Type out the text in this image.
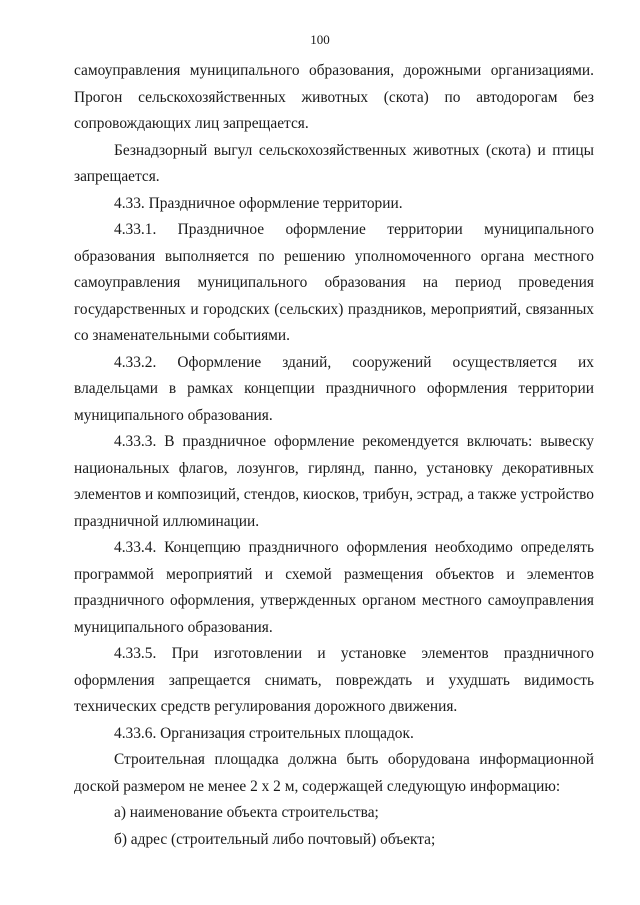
100

самоуправления муниципального образования, дорожными организациями. Прогон сельскохозяйственных животных (скота) по автодорогам без сопровождающих лиц запрещается.

Безнадзорный выгул сельскохозяйственных животных (скота) и птицы запрещается.

4.33. Праздничное оформление территории.

4.33.1. Праздничное оформление территории муниципального образования выполняется по решению уполномоченного органа местного самоуправления муниципального образования на период проведения государственных и городских (сельских) праздников, мероприятий, связанных со знаменательными событиями.

4.33.2. Оформление зданий, сооружений осуществляется их владельцами в рамках концепции праздничного оформления территории муниципального образования.

4.33.3. В праздничное оформление рекомендуется включать: вывеску национальных флагов, лозунгов, гирлянд, панно, установку декоративных элементов и композиций, стендов, киосков, трибун, эстрад, а также устройство праздничной иллюминации.

4.33.4. Концепцию праздничного оформления необходимо определять программой мероприятий и схемой размещения объектов и элементов праздничного оформления, утвержденных органом местного самоуправления муниципального образования.

4.33.5. При изготовлении и установке элементов праздничного оформления запрещается снимать, повреждать и ухудшать видимость технических средств регулирования дорожного движения.

4.33.6. Организация строительных площадок.

Строительная площадка должна быть оборудована информационной доской размером не менее 2 х 2 м, содержащей следующую информацию:

а) наименование объекта строительства;

б) адрес (строительный либо почтовый) объекта;
